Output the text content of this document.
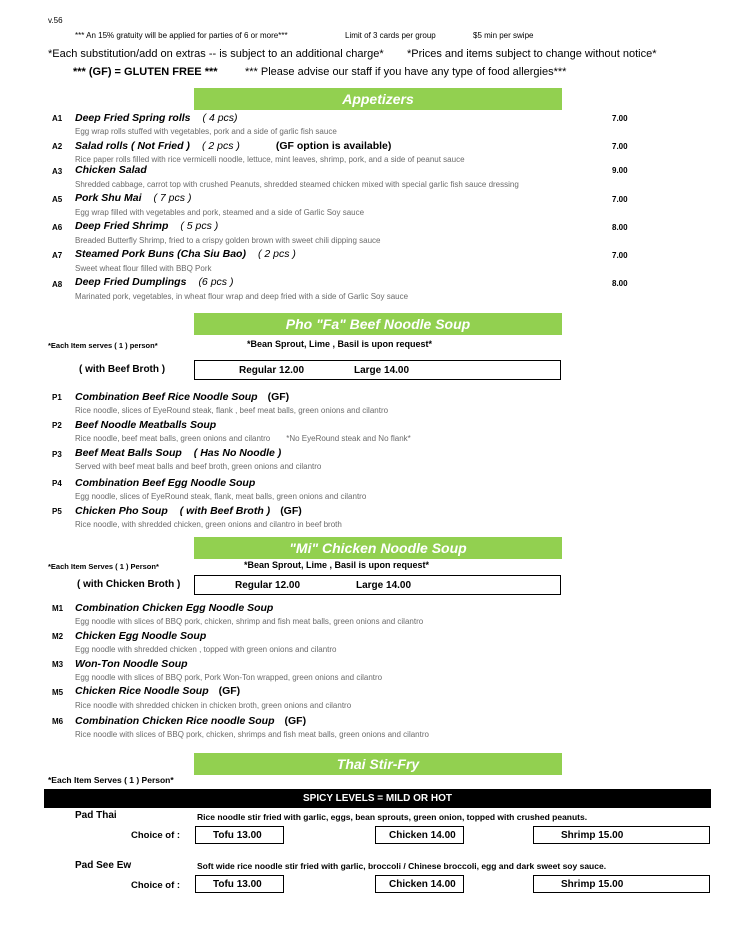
v.56
*** An 15% gratuity will be applied for parties of 6 or more***	Limit of 3 cards per group	$5 min per swipe
*Each substitution/add on extras -- is subject to an additional charge* *Prices and items subject to change without notice*
*** (GF) = GLUTEN FREE *** *** Please advise our staff if you have any type of food allergies***
Appetizers
A1 Deep Fried Spring rolls ( 4 pcs)
Egg wrap rolls stuffed with vegetables, pork and a side of garlic fish sauce
7.00
A2 Salad rolls ( Not Fried ) ( 2 pcs )	(GF option is available)
Rice paper rolls filled with rice vermicelli noodle, lettuce, mint leaves, shrimp, pork, and a side of peanut sauce
7.00
A3 Chicken Salad
Shredded cabbage, carrot top with crushed Peanuts, shredded steamed chicken mixed with special garlic fish sauce dressing
9.00
A5 Pork Shu Mai ( 7 pcs )
Egg wrap filled with vegetables and pork, steamed and a side of Garlic Soy sauce
7.00
A6 Deep Fried Shrimp ( 5 pcs )
Breaded Butterfly Shrimp, fried to a crispy golden brown with sweet chili dipping sauce
8.00
A7 Steamed Pork Buns (Cha Siu Bao) ( 2 pcs )
Sweet wheat flour filled with BBQ Pork
7.00
A8 Deep Fried Dumplings (6 pcs )
Marinated pork, vegetables, in wheat flour wrap and deep fried with a side of Garlic Soy sauce
8.00
Pho "Fa" Beef Noodle Soup
*Each Item serves ( 1 ) person*	*Bean Sprout, Lime , Basil is upon request*
( with Beef Broth )	Regular 12.00	Large 14.00
P1 Combination Beef Rice Noodle Soup (GF)
Rice noodle, slices of EyeRound steak, flank , beef meat balls, green onions and cilantro
P2 Beef Noodle Meatballs Soup
Rice noodle, beef meat balls, green onions and cilantro *No EyeRound steak and No flank*
P3 Beef Meat Balls Soup ( Has No Noodle )
Served with beef meat balls and beef broth, green onions and cilantro
P4 Combination Beef Egg Noodle Soup
Egg noodle, slices of EyeRound steak, flank, meat balls, green onions and cilantro
P5 Chicken Pho Soup ( with Beef Broth ) (GF)
Rice noodle, with shredded chicken, green onions and cilantro in beef broth
"Mi" Chicken Noodle Soup
*Each Item Serves ( 1 ) Person*	*Bean Sprout, Lime , Basil is upon request*
( with Chicken Broth )	Regular 12.00	Large 14.00
M1 Combination Chicken Egg Noodle Soup
Egg noodle with slices of BBQ pork, chicken, shrimp and fish meat balls, green onions and cilantro
M2 Chicken Egg Noodle Soup
Egg noodle with shredded chicken , topped with green onions and cilantro
M3 Won-Ton Noodle Soup
Egg noodle with slices of BBQ pork, Pork Won-Ton wrapped, green onions and cilantro
M5 Chicken Rice Noodle Soup (GF)
Rice noodle with shredded chicken in chicken broth, green onions and cilantro
M6 Combination Chicken Rice noodle Soup (GF)
Rice noodle with slices of BBQ pork, chicken, shrimps and fish meat balls, green onions and cilantro
Thai Stir-Fry
*Each Item Serves ( 1 ) Person*
SPICY LEVELS = MILD OR HOT
Pad Thai	Rice noodle stir fried with garlic, eggs, bean sprouts, green onion, topped with crushed peanuts.
Choice of :	Tofu 13.00	Chicken 14.00	Shrimp 15.00
Pad See Ew	Soft wide rice noodle stir fried with garlic, broccoli / Chinese broccoli, egg and dark sweet soy sauce.
Choice of :	Tofu 13.00	Chicken 14.00	Shrimp 15.00
